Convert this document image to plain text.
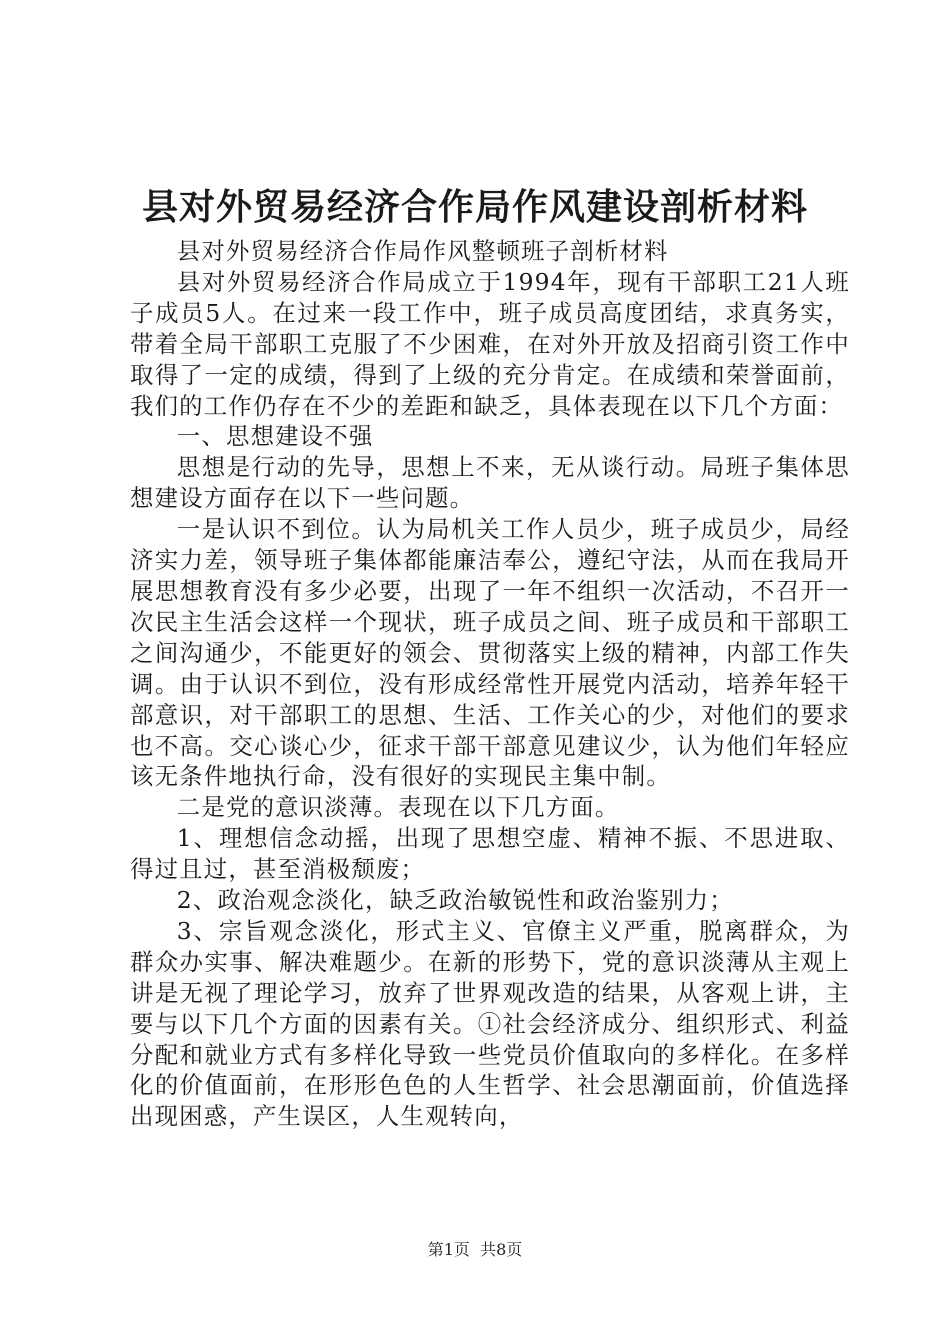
县对外贸易经济合作局作风建设剖析材料

县对外贸易经济合作局作风整顿班子剖析材料

县对外贸易经济合作局成立于1994年，现有干部职工21人班子成员5人。在过来一段工作中，班子成员高度团结，求真务实，带着全局干部职工克服了不少困难，在对外开放及招商引资工作中取得了一定的成绩，得到了上级的充分肯定。在成绩和荣誉面前，我们的工作仍存在不少的差距和缺乏，具体表现在以下几个方面：

一、思想建设不强

思想是行动的先导，思想上不来，无从谈行动。局班子集体思想建设方面存在以下一些问题。

一是认识不到位。认为局机关工作人员少，班子成员少，局经济实力差，领导班子集体都能廉洁奉公，遵纪守法，从而在我局开展思想教育没有多少必要，出现了一年不组织一次活动，不召开一次民主生活会这样一个现状，班子成员之间、班子成员和干部职工之间沟通少，不能更好的领会、贯彻落实上级的精神，内部工作失调。由于认识不到位，没有形成经常性开展党内活动，培养年轻干部意识，对干部职工的思想、生活、工作关心的少，对他们的要求也不高。交心谈心少，征求干部干部意见建议少，认为他们年轻应该无条件地执行命，没有很好的实现民主集中制。

二是党的意识淡薄。表现在以下几方面。

1、理想信念动摇，出现了思想空虚、精神不振、不思进取、得过且过，甚至消极颓废；

2、政治观念淡化，缺乏政治敏锐性和政治鉴别力；

3、宗旨观念淡化，形式主义、官僚主义严重，脱离群众，为群众办实事、解决难题少。在新的形势下，党的意识淡薄从主观上讲是无视了理论学习，放弃了世界观改造的结果，从客观上讲，主要与以下几个方面的因素有关。①社会经济成分、组织形式、利益分配和就业方式有多样化导致一些党员价值取向的多样化。在多样化的价值面前，在形形色色的人生哲学、社会思潮面前，价值选择出现困惑，产生误区，人生观转向，

第1页 共8页
